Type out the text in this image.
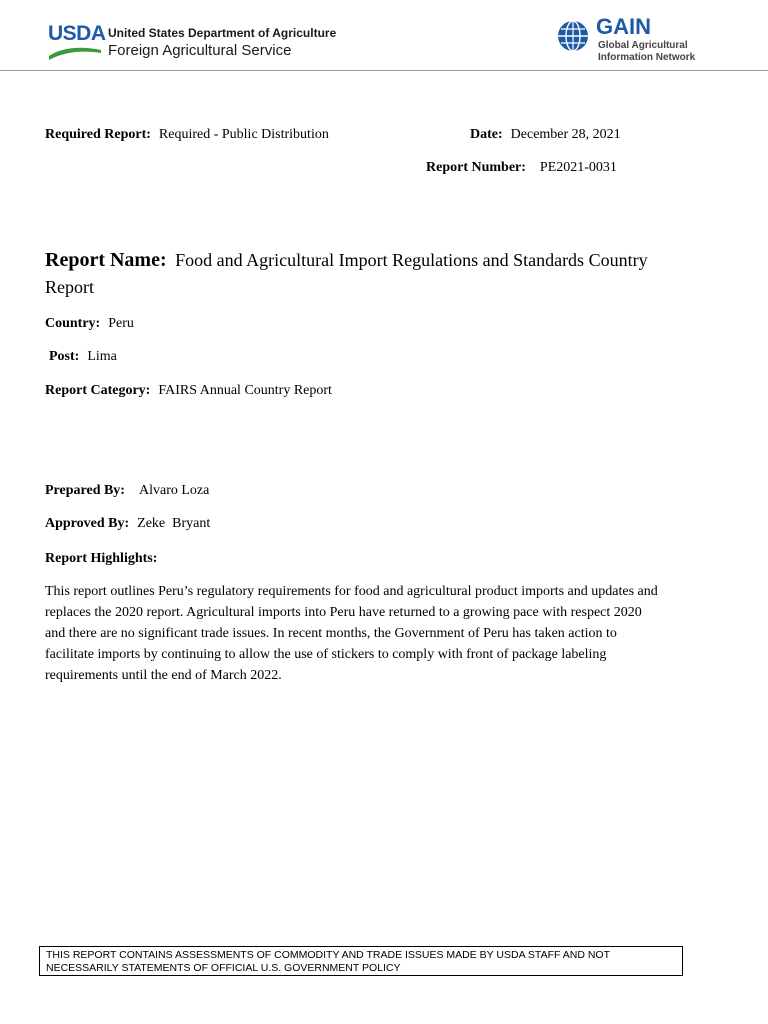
USDA United States Department of Agriculture
Foreign Agricultural Service
GAIN
Global Agricultural
Information Network
Required Report: Required - Public Distribution	Date: December 28, 2021
Report Number: PE2021-0031
Report Name: Food and Agricultural Import Regulations and Standards Country Report
Country: Peru
Post: Lima
Report Category: FAIRS Annual Country Report
Prepared By: Alvaro Loza
Approved By: Zeke  Bryant
Report Highlights:
This report outlines Peru’s regulatory requirements for food and agricultural product imports and updates and replaces the 2020 report. Agricultural imports into Peru have returned to a growing pace with respect 2020 and there are no significant trade issues. In recent months, the Government of Peru has taken action to facilitate imports by continuing to allow the use of stickers to comply with front of package labeling requirements until the end of March 2022.
THIS REPORT CONTAINS ASSESSMENTS OF COMMODITY AND TRADE ISSUES MADE BY USDA STAFF AND NOT NECESSARILY STATEMENTS OF OFFICIAL U.S. GOVERNMENT POLICY
